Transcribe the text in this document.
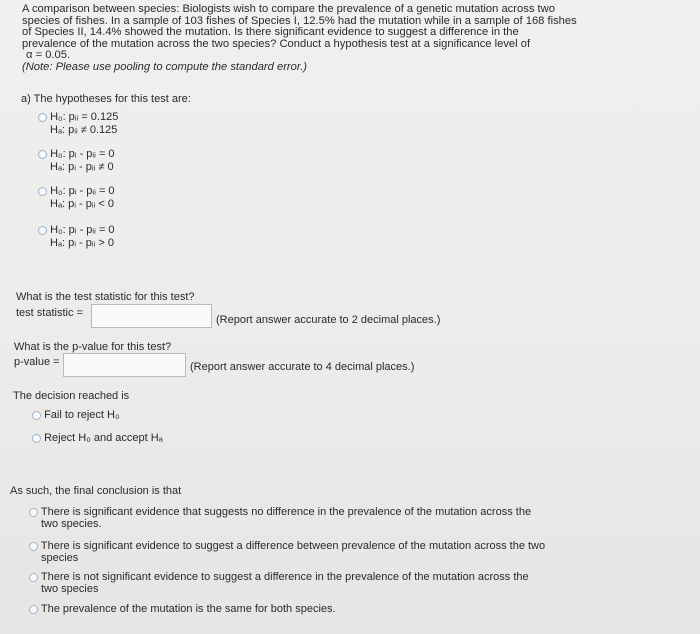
A comparison between species: Biologists wish to compare the prevalence of a genetic mutation across two

species of fishes. In a sample of 103 fishes of Species I, 12.5% had the mutation while in a sample of 168 fishes

of Species II, 14.4% showed the mutation. Is there significant evidence to suggest a difference in the

prevalence of the mutation across the two species? Conduct a hypothesis test at a significance level of

α = 0.05.

(Note: Please use pooling to compute the standard error.)

a) The hypotheses for this test are:
H₀: pᵢᵢ = 0.125
Hₐ: pᵢᵢ ≠ 0.125
H₀: pᵢ - pᵢᵢ = 0
Hₐ: pᵢ - pᵢᵢ ≠ 0
H₀: pᵢ - pᵢᵢ = 0
Hₐ: pᵢ - pᵢᵢ < 0
H₀: pᵢ - pᵢᵢ = 0
Hₐ: pᵢ - pᵢᵢ > 0
What is the test statistic for this test?
test statistic =
(Report answer accurate to 2 decimal places.)
What is the p-value for this test?
p-value =	(Report answer accurate to 4 decimal places.)
The decision reached is
Fail to reject H₀
Reject H₀ and accept Hₐ
As such, the final conclusion is that
There is significant evidence that suggests no difference in the prevalence of the mutation across the
two species.
There is significant evidence to suggest a difference between prevalence of the mutation across the two
species
There is not significant evidence to suggest a difference in the prevalence of the mutation across the
two species
The prevalence of the mutation is the same for both species.
